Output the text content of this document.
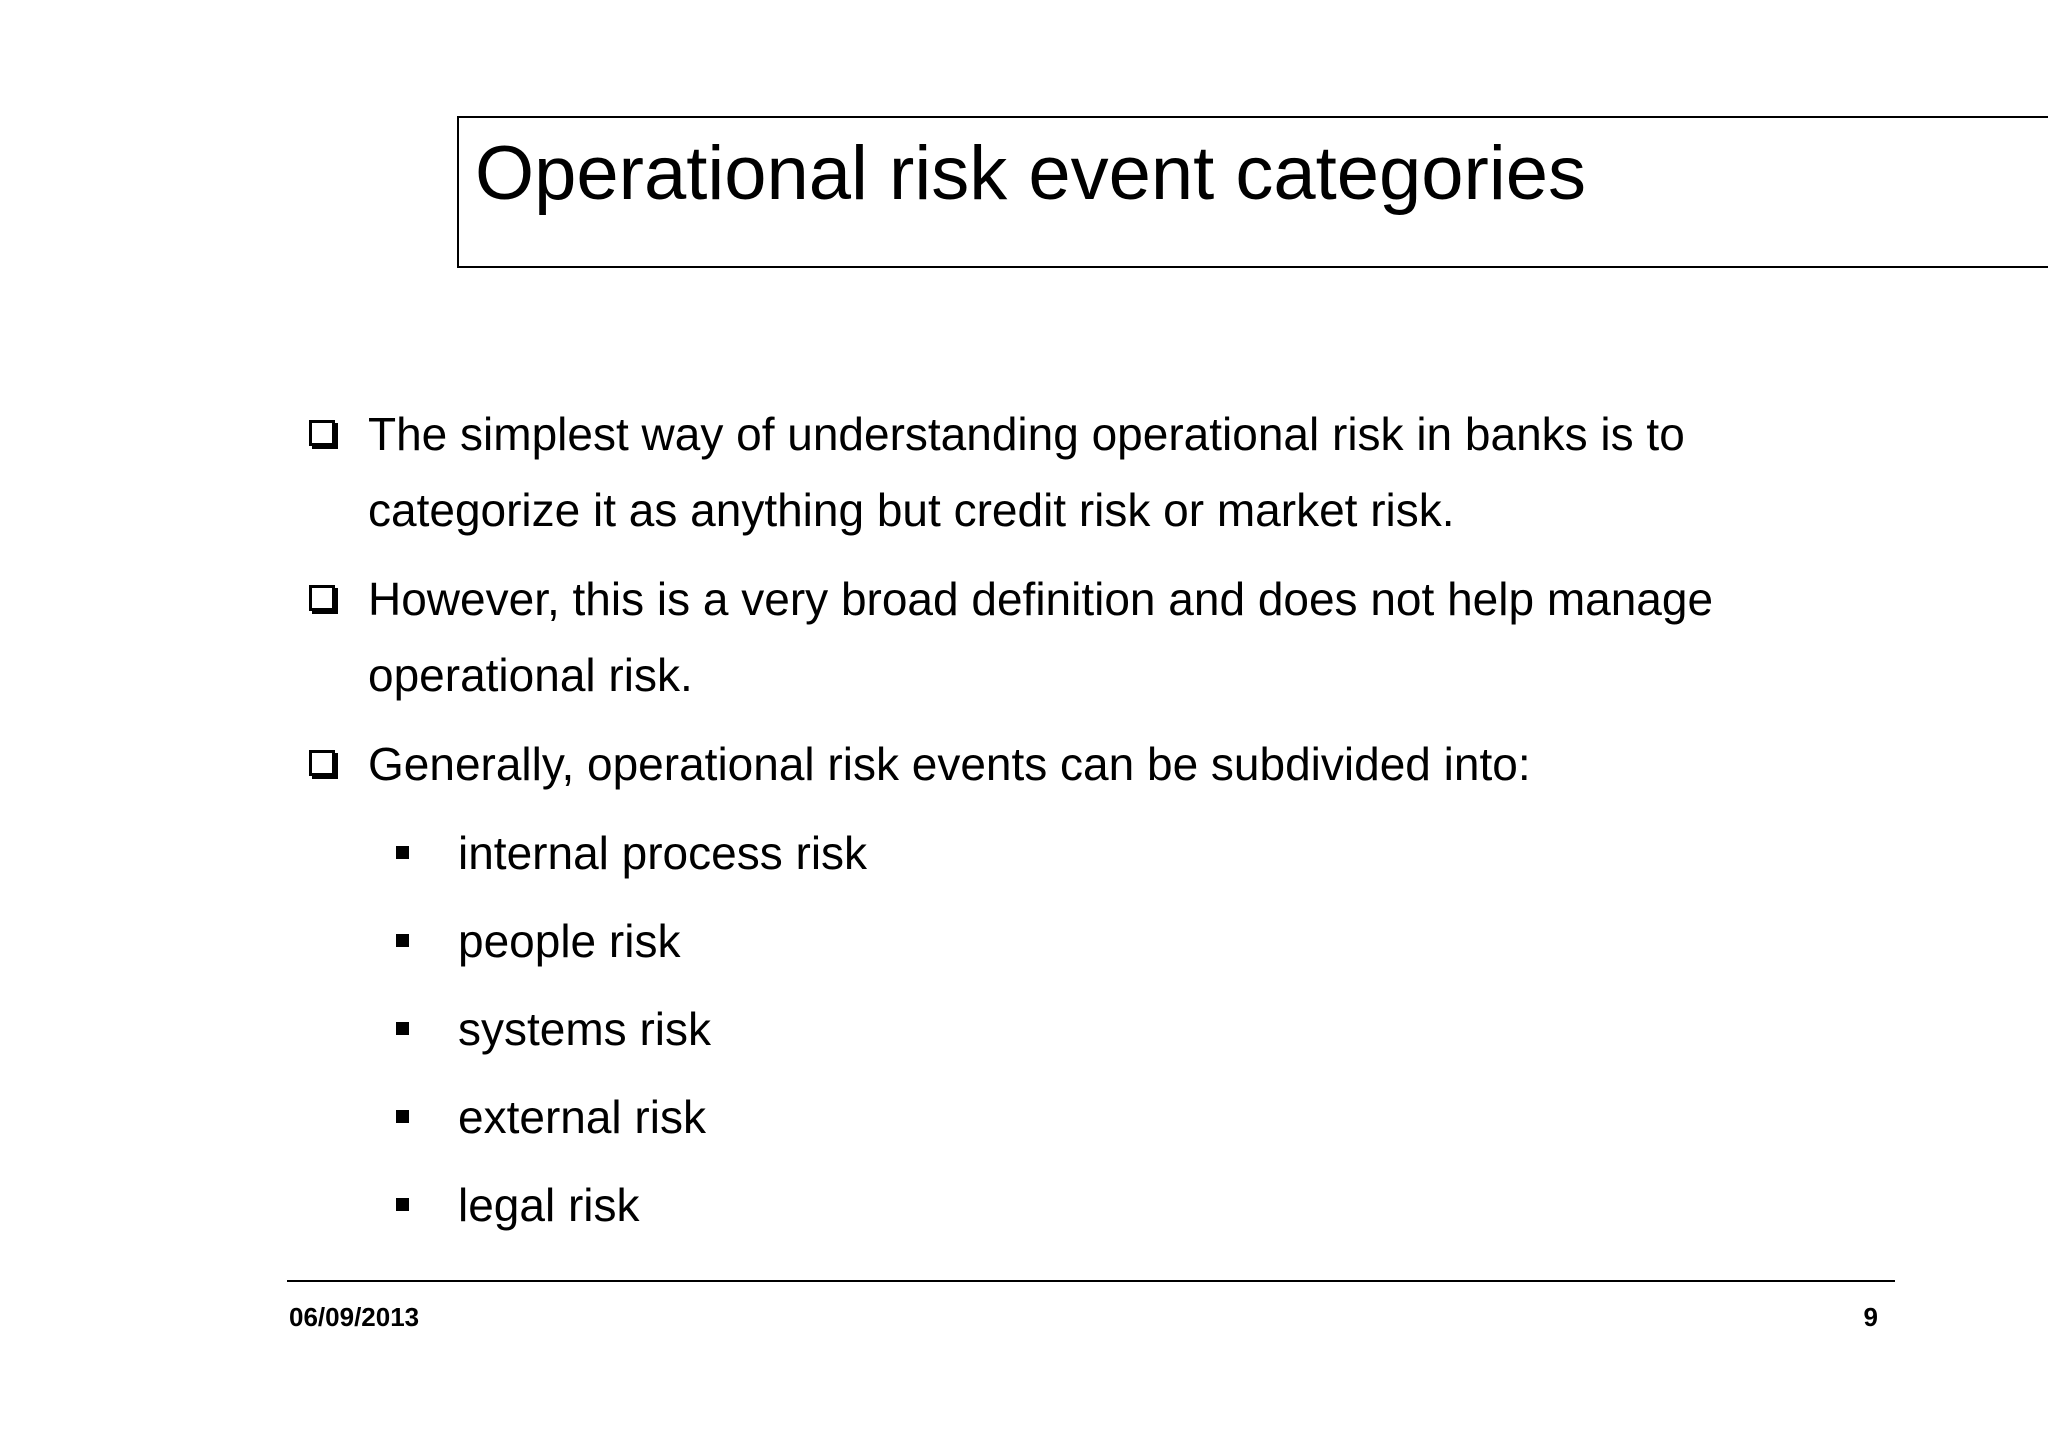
Operational risk event categories
The simplest way of understanding operational risk in banks is to
categorize it as anything but credit risk or market risk.
However, this is a very broad definition and does not help manage
operational risk.
Generally, operational risk events can be subdivided into:
internal process risk
people risk
systems risk
external risk
legal risk
06/09/2013	9
